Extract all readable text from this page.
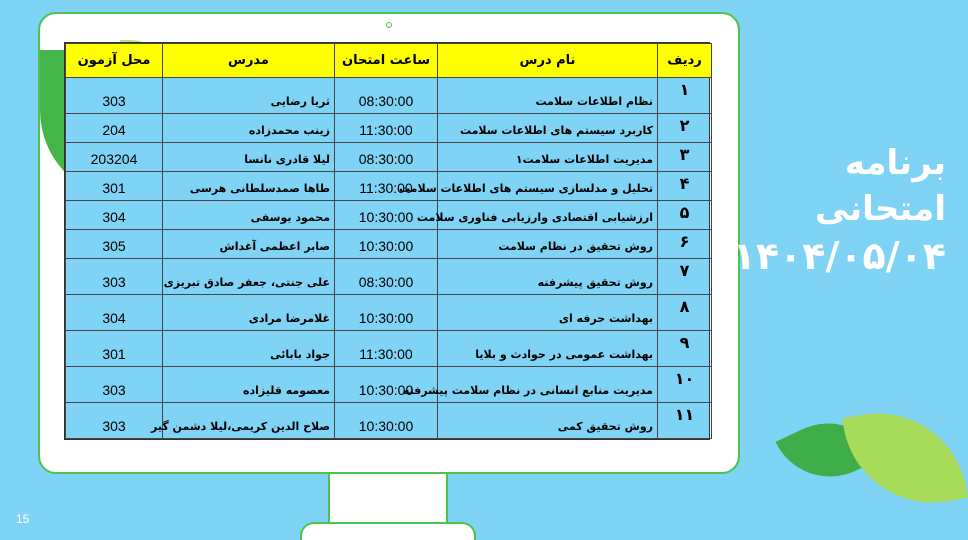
محل آزمون	مدرس	ساعت امتحان	نام درس	ردیف
303	ثریا رضایی	08:30:00	نظام اطلاعات سلامت	۱
204	زینب محمدزاده	11:30:00	کاربرد سیستم های اطلاعات سلامت	۲
203204	لیلا قادری نانسا	08:30:00	مدیریت اطلاعات سلامت۱	۳
301	طاها صمدسلطانی هرسی	11:30:00	تحلیل و مدلسازی سیستم های اطلاعات سلامت	۴
304	محمود یوسفی	10:30:00	ارزشیابی اقتصادی وارزیابی فناوری سلامت	۵
305	صابر اعظمی آغداش	10:30:00	روش تحقیق در نظام سلامت	۶
303	علی جنتی، جعفر صادق تبریزی	08:30:00	روش تحقیق پیشرفته	۷
304	غلامرضا مرادی	10:30:00	بهداشت حرفه ای	۸
301	جواد بابائی	11:30:00	بهداشت عمومی در حوادث و بلایا	۹
303	معصومه قلیزاده	10:30:00	مدیریت منابع انسانی در نظام سلامت پیشرفته	۱۰
303	صلاح الدین کریمی،لیلا دشمن گیر	10:30:00	روش تحقیق کمی	۱۱
برنامه امتحانی
۱۴۰۴/۰۵/۰۴
15
